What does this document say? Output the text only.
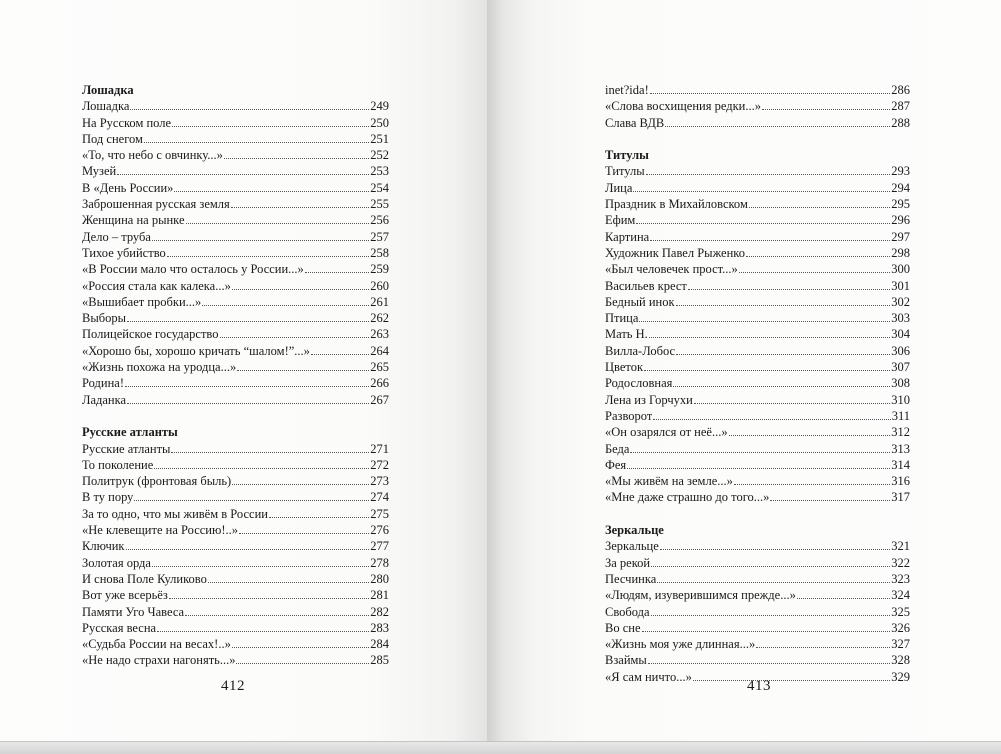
Лошадка
Лошадка	249
На Русском поле	250
Под снегом	251
«То, что небо с овчинку...»	252
Музей	253
В «День России»	254
Заброшенная русская земля	255
Женщина на рынке	256
Дело – труба	257
Тихое убийство	258
«В России мало что осталось у России...»	259
«Россия стала как калека...»	260
«Вышибает пробки...»	261
Выборы	262
Полицейское государство	263
«Хорошо бы, хорошо кричать “шалом!”...»	264
«Жизнь похожа на уродца...»	265
Родина!	266
Ладанка	267
Русские атланты
Русские атланты	271
То поколение	272
Политрук (фронтовая быль)	273
В ту пору	274
За то одно, что мы живём в России	275
«Не клевещите на Россию!..»	276
Ключик	277
Золотая орда	278
И снова Поле Куликово	280
Вот уже всерьёз	281
Памяти Уго Чавеса	282
Русская весна	283
«Судьба России на весах!..»	284
«Не надо страхи нагонять...»	285
412
inet?ida!	286
«Слова восхищения редки...»	287
Слава ВДВ	288
Титулы
Титулы	293
Лица	294
Праздник в Михайловском	295
Ефим	296
Картина	297
Художник Павел Рыженко	298
«Был человечек прост...»	300
Васильев крест	301
Бедный инок	302
Птица	303
Мать Н.	304
Вилла-Лобос	306
Цветок	307
Родословная	308
Лена из Горчухи	310
Разворот	311
«Он озарялся от неё...»	312
Беда	313
Фея	314
«Мы живём на земле...»	316
«Мне даже страшно до того...»	317
Зеркальце
Зеркальце	321
За рекой	322
Песчинка	323
«Людям, изуверившимся прежде...»	324
Свобода	325
Во сне	326
«Жизнь моя уже длинная...»	327
Взаймы	328
«Я сам ничто...»	329
413
